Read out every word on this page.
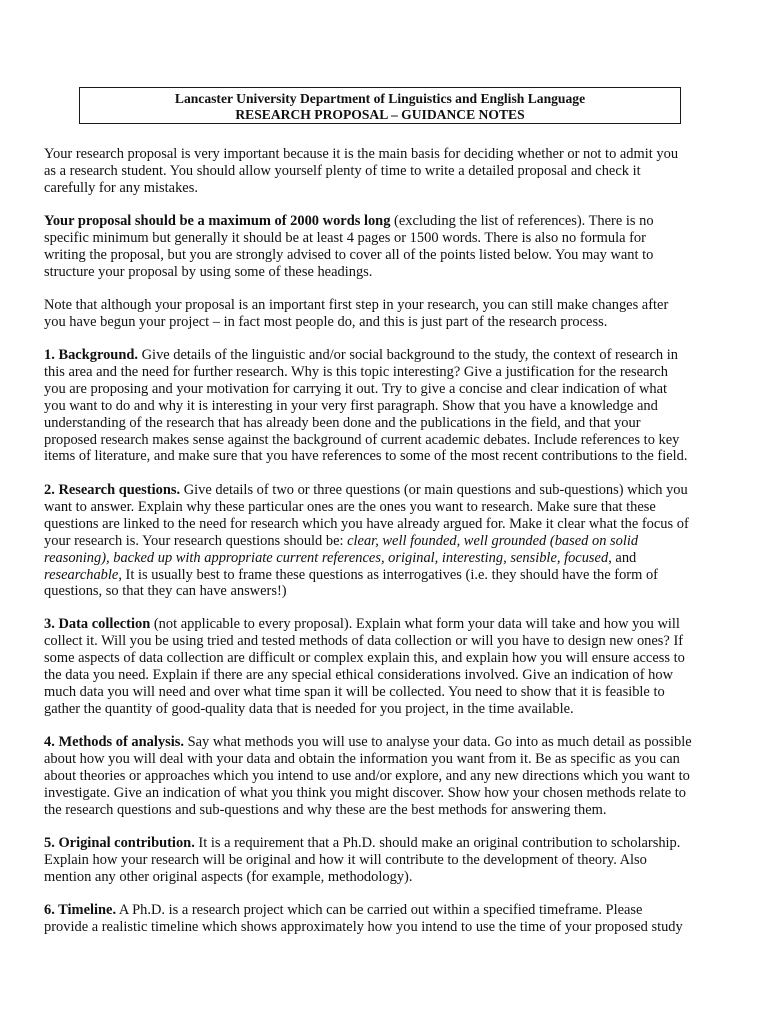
Lancaster University Department of Linguistics and English Language
RESEARCH PROPOSAL – GUIDANCE NOTES
Your research proposal is very important because it is the main basis for deciding whether or not to admit you
as a research student. You should allow yourself plenty of time to write a detailed proposal and check it
carefully for any mistakes.
Your proposal should be a maximum of 2000 words long (excluding the list of references). There is no
specific minimum but generally it should be at least 4 pages or 1500 words. There is also no formula for
writing the proposal, but you are strongly advised to cover all of the points listed below. You may want to
structure your proposal by using some of these headings.
Note that although your proposal is an important first step in your research, you can still make changes after
you have begun your project – in fact most people do, and this is just part of the research process.
1. Background. Give details of the linguistic and/or social background to the study, the context of research in
this area and the need for further research. Why is this topic interesting? Give a justification for the research
you are proposing and your motivation for carrying it out. Try to give a concise and clear indication of what
you want to do and why it is interesting in your very first paragraph. Show that you have a knowledge and
understanding of the research that has already been done and the publications in the field, and that your
proposed research makes sense against the background of current academic debates. Include references to key
items of literature, and make sure that you have references to some of the most recent contributions to the field.
2. Research questions. Give details of two or three questions (or main questions and sub-questions) which you
want to answer. Explain why these particular ones are the ones you want to research. Make sure that these
questions are linked to the need for research which you have already argued for. Make it clear what the focus of
your research is. Your research questions should be: clear, well founded, well grounded (based on solid
reasoning), backed up with appropriate current references, original, interesting, sensible, focused, and
researchable, It is usually best to frame these questions as interrogatives (i.e. they should have the form of
questions, so that they can have answers!)
3. Data collection (not applicable to every proposal). Explain what form your data will take and how you will
collect it. Will you be using tried and tested methods of data collection or will you have to design new ones? If
some aspects of data collection are difficult or complex explain this, and explain how you will ensure access to
the data you need. Explain if there are any special ethical considerations involved. Give an indication of how
much data you will need and over what time span it will be collected. You need to show that it is feasible to
gather the quantity of good-quality data that is needed for you project, in the time available.
4. Methods of analysis. Say what methods you will use to analyse your data. Go into as much detail as possible
about how you will deal with your data and obtain the information you want from it. Be as specific as you can
about theories or approaches which you intend to use and/or explore, and any new directions which you want to
investigate. Give an indication of what you think you might discover. Show how your chosen methods relate to
the research questions and sub-questions and why these are the best methods for answering them.
5. Original contribution. It is a requirement that a Ph.D. should make an original contribution to scholarship.
Explain how your research will be original and how it will contribute to the development of theory. Also
mention any other original aspects (for example, methodology).
6. Timeline. A Ph.D. is a research project which can be carried out within a specified timeframe. Please
provide a realistic timeline which shows approximately how you intend to use the time of your proposed study
